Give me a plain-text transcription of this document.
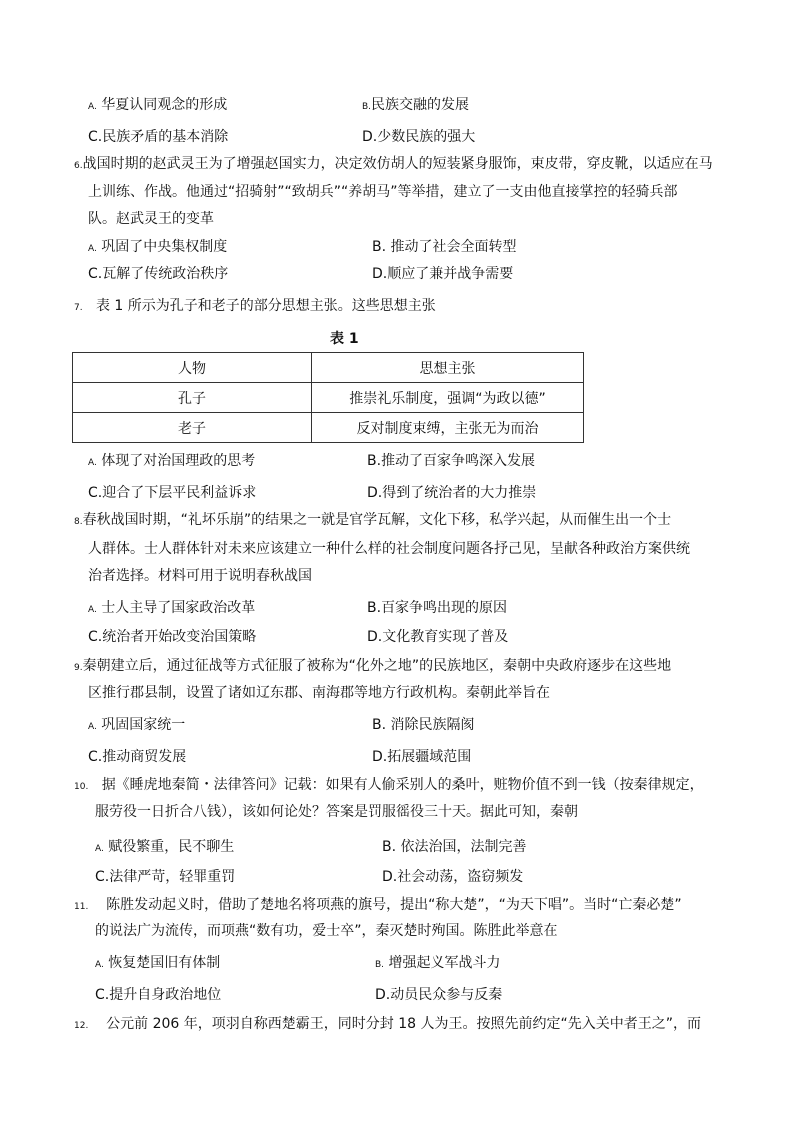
A. 华夏认同观念的形成	B.民族交融的发展
C.民族矛盾的基本消除	D.少数民族的强大
6.战国时期的赵武灵王为了增强赵国实力，决定效仿胡人的短装紧身服饰，束皮带，穿皮靴，以适应在马
上训练、作战。他通过“招骑射”“致胡兵”“养胡马”等举措，建立了一支由他直接掌控的轻骑兵部
队。赵武灵王的变革
A. 巩固了中央集权制度	B. 推动了社会全面转型
C.瓦解了传统政治秩序	D.顺应了兼并战争需要
7. 表 1 所示为孔子和老子的部分思想主张。这些思想主张
表 1
人物	思想主张
孔子	推崇礼乐制度，强调“为政以德”
老子	反对制度束缚，主张无为而治
A. 体现了对治国理政的思考	B.推动了百家争鸣深入发展
C.迎合了下层平民利益诉求	D.得到了统治者的大力推崇
8.春秋战国时期，“礼坏乐崩”的结果之一就是官学瓦解，文化下移，私学兴起，从而催生出一个士
人群体。士人群体针对未来应该建立一种什么样的社会制度问题各抒己见，呈献各种政治方案供统
治者选择。材料可用于说明春秋战国
A. 士人主导了国家政治改革	B.百家争鸣出现的原因
C.统治者开始改变治国策略	D.文化教育实现了普及
9.秦朝建立后，通过征战等方式征服了被称为“化外之地”的民族地区，秦朝中央政府逐步在这些地
区推行郡县制，设置了诸如辽东郡、南海郡等地方行政机构。秦朝此举旨在
A. 巩固国家统一	B. 消除民族隔阂
C.推动商贸发展	D.拓展疆域范围
10. 据《睡虎地秦简・法律答问》记载：如果有人偷采别人的桑叶，赃物价值不到一钱（按秦律规定，
服劳役一日折合八钱），该如何论处？答案是罚服徭役三十天。据此可知，秦朝
A. 赋役繁重，民不聊生	B. 依法治国，法制完善
C.法律严苛，轻罪重罚	D.社会动荡，盗窃频发
11. 陈胜发动起义时，借助了楚地名将项燕的旗号，提出“称大楚”，“为天下唱”。当时“亡秦必楚”
的说法广为流传，而项燕“数有功，爱士卒”，秦灭楚时殉国。陈胜此举意在
A. 恢复楚国旧有体制	B. 增强起义军战斗力
C.提升自身政治地位	D.动员民众参与反秦
12. 公元前 206 年，项羽自称西楚霸王，同时分封 18 人为王。按照先前约定“先入关中者王之”，而
